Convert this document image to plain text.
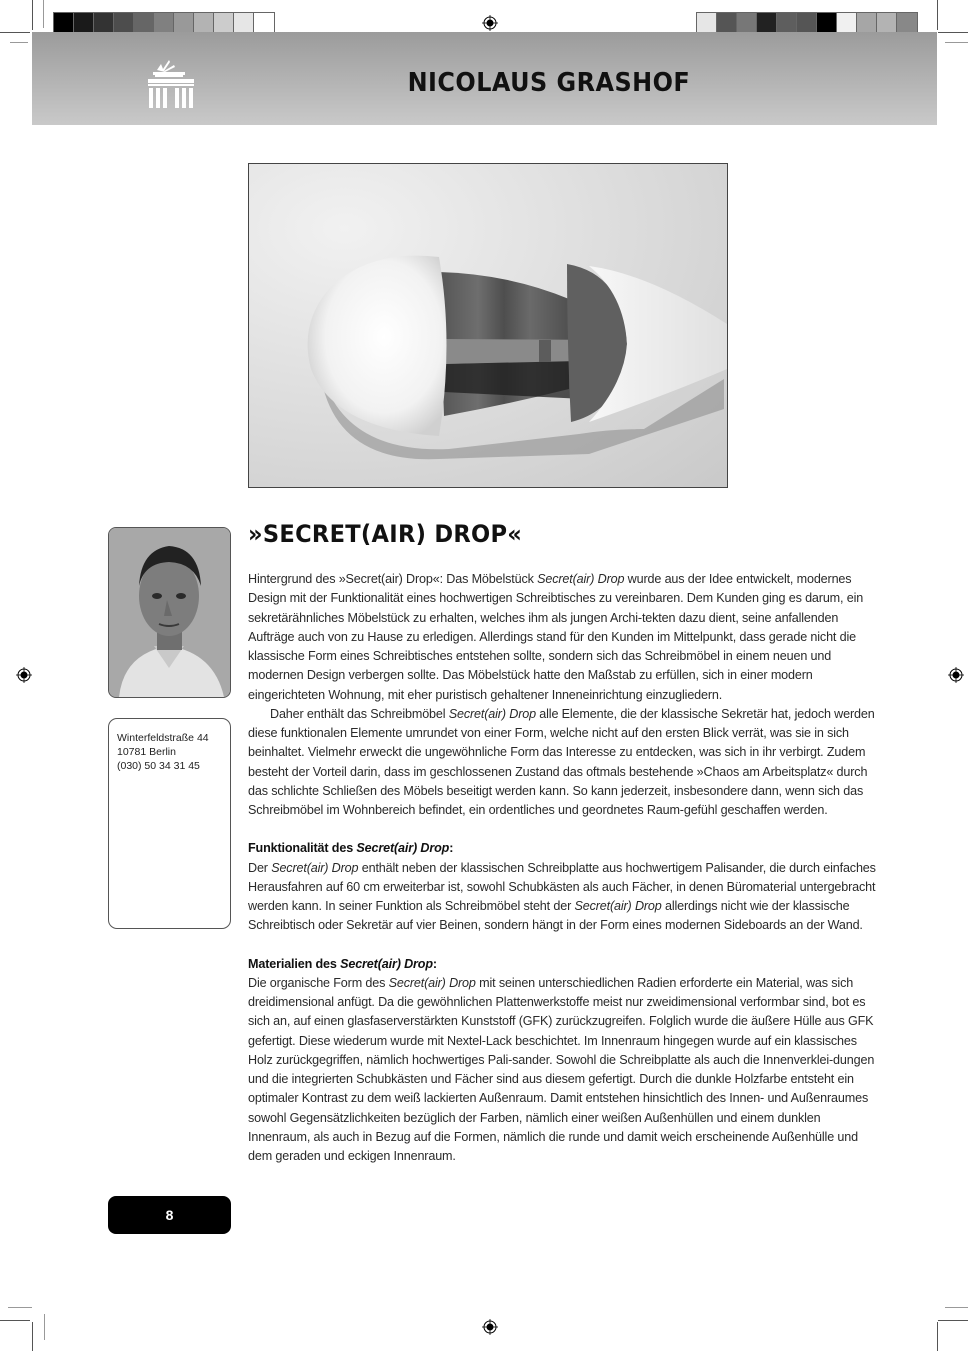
NICOLAUS GRASHOF
Winterfeldstraße 44
10781 Berlin
(030) 50 34 31 45
8
»SECRET(AIR) DROP«

Hintergrund des »Secret(air) Drop«: Das Möbelstück Secret(air) Drop wurde aus der Idee entwickelt, modernes Design mit der Funktionalität eines hochwertigen Schreibtisches zu vereinbaren. Dem Kunden ging es darum, ein sekretärähnliches Möbelstück zu erhalten, welches ihm als jungen Archi-tekten dazu dient, seine anfallenden Aufträge auch von zu Hause zu erledigen. Allerdings stand für den Kunden im Mittelpunkt, dass gerade nicht die klassische Form eines Schreibtisches entstehen sollte, sondern sich das Schreibmöbel in einem neuen und modernen Design verbergen sollte. Das Möbelstück hatte den Maßstab zu erfüllen, sich in einer modern eingerichteten Wohnung, mit eher puristisch gehaltener Inneneinrichtung einzugliedern.

Daher enthält das Schreibmöbel Secret(air) Drop alle Elemente, die der klassische Sekretär hat, jedoch werden diese funktionalen Elemente umrundet von einer Form, welche nicht auf den ersten Blick verrät, was sie in sich beinhaltet. Vielmehr erweckt die ungewöhnliche Form das Interesse zu entdecken, was sich in ihr verbirgt. Zudem besteht der Vorteil darin, dass im geschlossenen Zustand das oftmals bestehende »Chaos am Arbeitsplatz« durch das schlichte Schließen des Möbels beseitigt werden kann. So kann jederzeit, insbesondere dann, wenn sich das Schreibmöbel im Wohnbereich befindet, ein ordentliches und geordnetes Raum-gefühl geschaffen werden.

Funktionalität des Secret(air) Drop:

Der Secret(air) Drop enthält neben der klassischen Schreibplatte aus hochwertigem Palisander, die durch einfaches Herausfahren auf 60 cm erweiterbar ist, sowohl Schubkästen als auch Fächer, in denen Büromaterial untergebracht werden kann. In seiner Funktion als Schreibmöbel steht der Secret(air) Drop allerdings nicht wie der klassische Schreibtisch oder Sekretär auf vier Beinen, sondern hängt in der Form eines modernen Sideboards an der Wand.

Materialien des Secret(air) Drop:

Die organische Form des Secret(air) Drop mit seinen unterschiedlichen Radien erforderte ein Material, was sich dreidimensional anfügt. Da die gewöhnlichen Plattenwerkstoffe meist nur zweidimensional verformbar sind, bot es sich an, auf einen glasfaserverstärkten Kunststoff (GFK) zurückzugreifen. Folglich wurde die äußere Hülle aus GFK gefertigt. Diese wiederum wurde mit Nextel-Lack beschichtet. Im Innenraum hingegen wurde auf ein klassisches Holz zurückgegriffen, nämlich hochwertiges Pali-sander. Sowohl die Schreibplatte als auch die Innenverklei-dungen und die integrierten Schubkästen und Fächer sind aus diesem gefertigt. Durch die dunkle Holzfarbe entsteht ein optimaler Kontrast zu dem weiß lackierten Außenraum. Damit entstehen hinsichtlich des Innen- und Außenraumes sowohl Gegensätzlichkeiten bezüglich der Farben, nämlich einer weißen Außenhüllen und einem dunklen Innenraum, als auch in Bezug auf die Formen, nämlich die runde und damit weich erscheinende Außenhülle und dem geraden und eckigen Innenraum.
